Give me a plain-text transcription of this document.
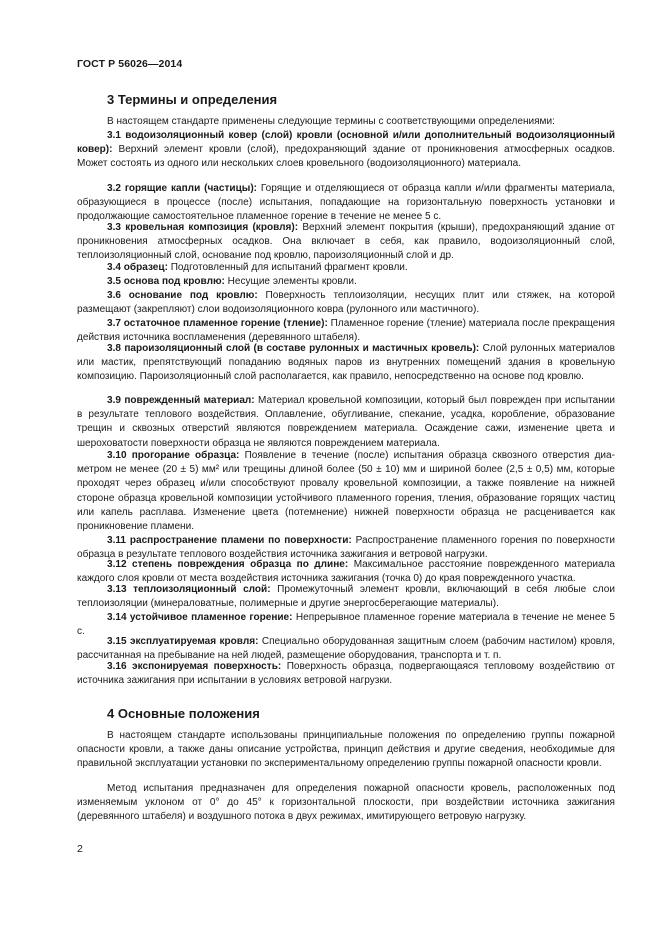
ГОСТ Р 56026—2014
3 Термины и определения

В настоящем стандарте применены следующие термины с соответствующими определениями:

3.1 водоизоляционный ковер (слой) кровли (основной и/или дополнительный водоизоляционный ковер): Верхний элемент кровли (слой), предохраняющий здание от проникновения атмосферных осадков. Может состоять из одного или нескольких слоев кровельного (водоизоляционного) материала.

3.2 горящие капли (частицы): Горящие и отделяющиеся от образца капли и/или фрагменты материала, образующиеся в процессе (после) испытания, попадающие на горизонтальную поверхность установки и продолжающие самостоятельное пламенное горение в течение не менее 5 с.

3.3 кровельная композиция (кровля): Верхний элемент покрытия (крыши), предохраняющий здание от проникновения атмосферных осадков. Она включает в себя, как правило, водоизоляционный слой, теплоизоляционный слой, основание под кровлю, пароизоляционный слой и др.

3.4 образец: Подготовленный для испытаний фрагмент кровли.

3.5 основа под кровлю: Несущие элементы кровли.

3.6 основание под кровлю: Поверхность теплоизоляции, несущих плит или стяжек, на которой размещают (закрепляют) слои водоизоляционного ковра (рулонного или мастичного).

3.7 остаточное пламенное горение (тление): Пламенное горение (тление) материала после прекращения действия источника воспламенения (деревянного штабеля).

3.8 пароизоляционный слой (в составе рулонных и мастичных кровель): Слой рулонных материалов или мастик, препятствующий попаданию водяных паров из внутренних помещений здания в кровельную композицию. Пароизоляционный слой располагается, как правило, непосредственно на основе под кровлю.

3.9 поврежденный материал: Материал кровельной композиции, который был поврежден при испытании в результате теплового воздействия. Оплавление, обугливание, спекание, усадка, коробление, образование трещин и сквозных отверстий являются повреждением материала. Осаждение сажи, изменение цвета и шероховатости поверхности образца не являются повреждением материала.

3.10 прогорание образца: Появление в течение (после) испытания образца сквозного отверстия диаметром не менее (20 ± 5) мм² или трещины длиной более (50 ± 10) мм и шириной более (2,5 ± 0,5) мм, которые проходят через образец и/или способствуют провалу кровельной композиции, а также появление на нижней стороне образца кровельной композиции устойчивого пламенного горения, тления, образование горящих частиц или капель расплава. Изменение цвета (потемнение) нижней поверхности образца не расценивается как проникновение пламени.

3.11 распространение пламени по поверхности: Распространение пламенного горения по поверхности образца в результате теплового воздействия источника зажигания и ветровой нагрузки.

3.12 степень повреждения образца по длине: Максимальное расстояние поврежденного материала каждого слоя кровли от места воздействия источника зажигания (точка 0) до края поврежденного участка.

3.13 теплоизоляционный слой: Промежуточный элемент кровли, включающий в себя любые слои теплоизоляции (минераловатные, полимерные и другие энергосберегающие материалы).

3.14 устойчивое пламенное горение: Непрерывное пламенное горение материала в течение не менее 5 с.

3.15 эксплуатируемая кровля: Специально оборудованная защитным слоем (рабочим настилом) кровля, рассчитанная на пребывание на ней людей, размещение оборудования, транспорта и т. п.

3.16 экспонируемая поверхность: Поверхность образца, подвергающаяся тепловому воздействию от источника зажигания при испытании в условиях ветровой нагрузки.

4 Основные положения

В настоящем стандарте использованы принципиальные положения по определению группы пожарной опасности кровли, а также даны описание устройства, принцип действия и другие сведения, необходимые для правильной эксплуатации установки по экспериментальному определению группы пожарной опасности кровли.

Метод испытания предназначен для определения пожарной опасности кровель, расположенных под изменяемым уклоном от 0° до 45° к горизонтальной плоскости, при воздействии источника зажигания (деревянного штабеля) и воздушного потока в двух режимах, имитирующего ветровую нагрузку.

2
